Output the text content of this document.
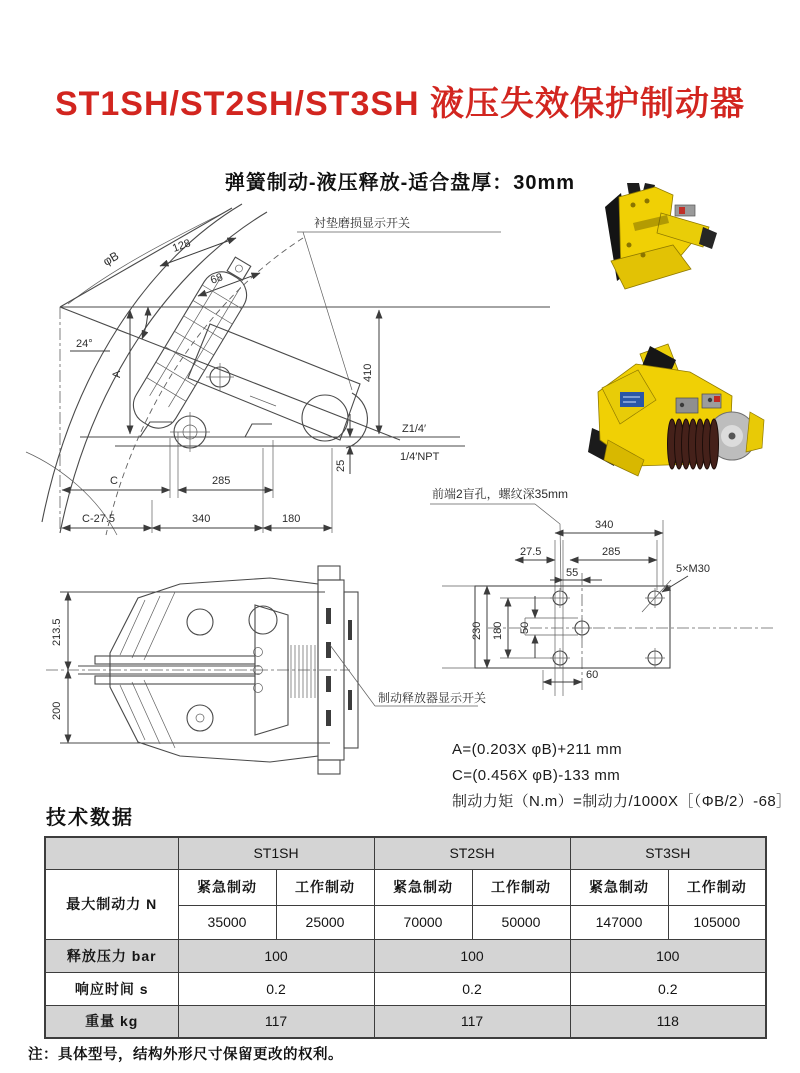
ST1SH/ST2SH/ST3SH 液压失效保护制动器
弹簧制动-液压释放-适合盘厚：30mm
φB
24°
128
68
衬垫磨损显示开关
A	410
25
Z1/4′
1/4′NPT
C	285
C-27.5	340	180
前端2盲孔，螺纹深35mm
340
27.5	285
55	5×M30
230 180 50
60
213.5
200
制动释放器显示开关
A=(0.203X φB)+211 mm
C=(0.456X φB)-133 mm
制动力矩（N.m）=制动力/1000X［（ΦB/2）-68］
技术数据
	ST1SH		ST2SH		ST3SH	
最大制动力 N	紧急制动	工作制动	紧急制动	工作制动	紧急制动	工作制动
	35000	25000	70000	50000	147000	105000
释放压力 bar	100		100		100	
响应时间 s	0.2		0.2		0.2	
重量 kg	117		117		118	
注：具体型号，结构外形尺寸保留更改的权利。
